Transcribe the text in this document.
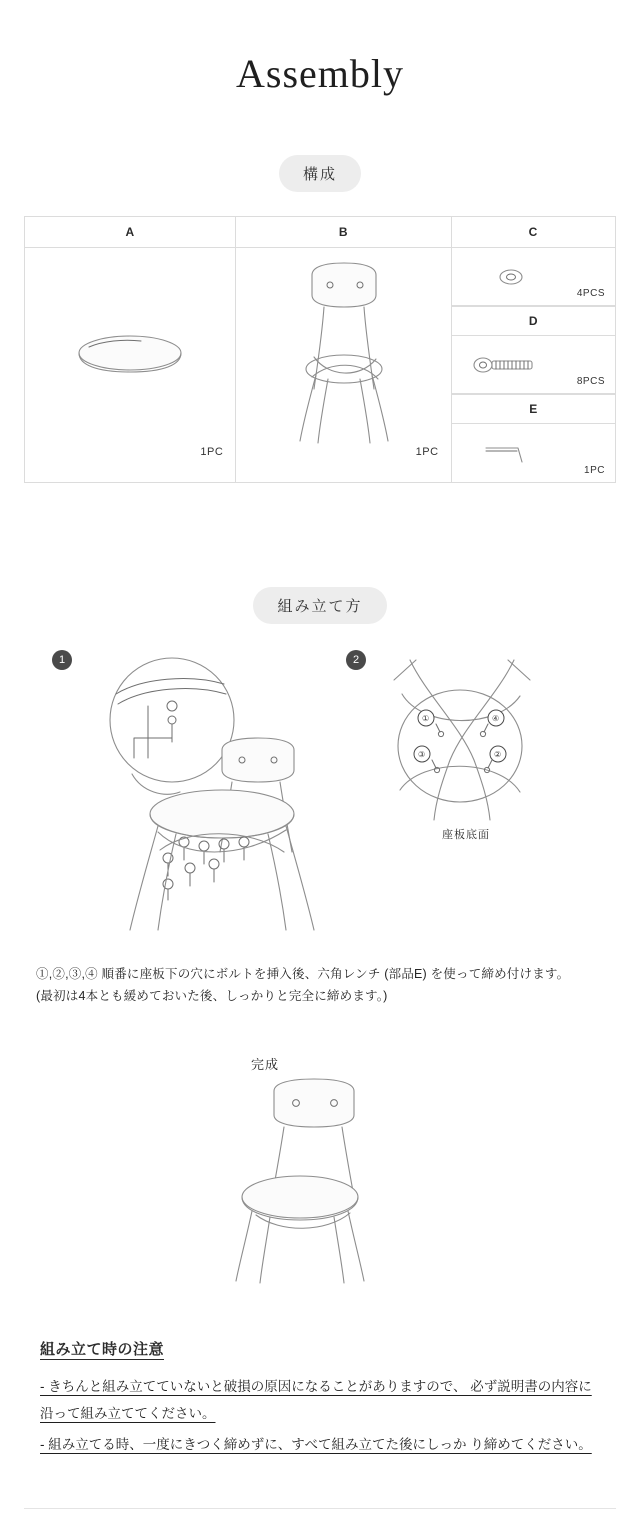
Assembly
構成
A
1PC
B
1PC
C
4PCS
D
8PCS
E
1PC
組み立て方
1	2
①	④
③	②
座板底面
①,②,③,④ 順番に座板下の穴にボルトを挿入後、六角レンチ (部品E) を使って締め付けます。
(最初は4本とも緩めておいた後、しっかりと完全に締めます。)
完成
組み立て時の注意
- きちんと組み立てていないと破損の原因になることがありますので、 必ず説明書の内容に沿って組み立ててください。
- 組み立てる時、一度にきつく締めずに、すべて組み立てた後にしっか り締めてください。
